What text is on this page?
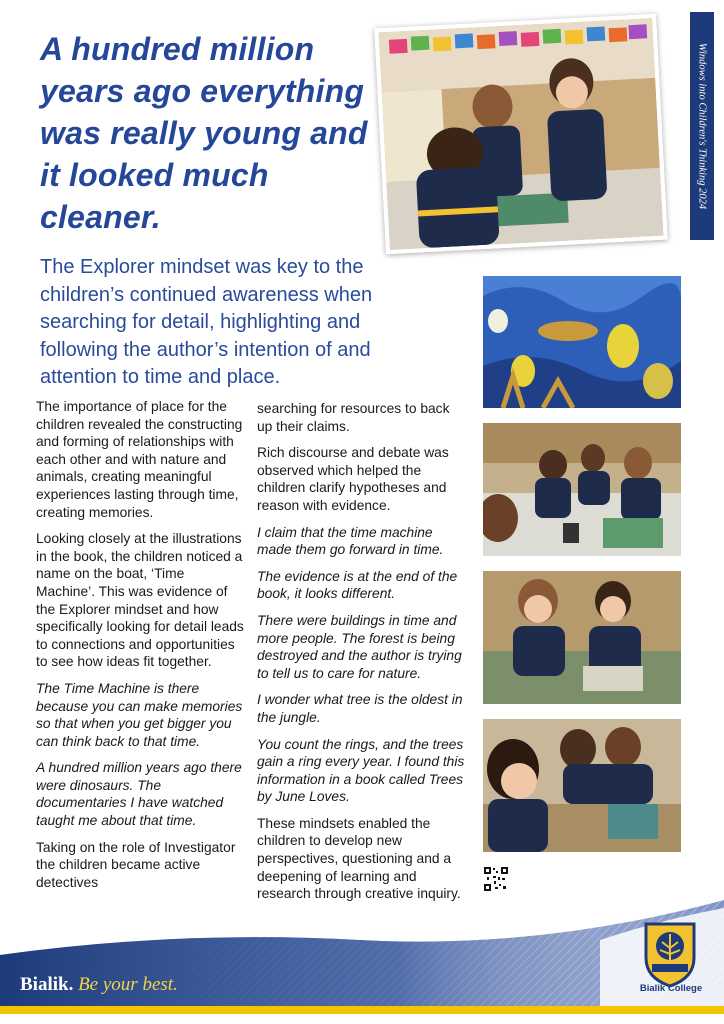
Windows into Children's Thinking 2024
A hundred million years ago everything was really young and it looked much cleaner.

The Explorer mindset was key to the children’s continued awareness when searching for detail, highlighting and following the author’s intention of and attention to time and place.

The importance of place for the children revealed the constructing and forming of relationships with each other and with nature and animals, creating meaningful experiences lasting through time, creating memories.

Looking closely at the illustrations in the book, the children noticed a name on the boat, ‘Time Machine’. This was evidence of the Explorer mindset and how specifically looking for detail leads to connections and opportunities to see how ideas fit together.

The Time Machine is there because you can make memories so that when you get bigger you can think back to that time.

A hundred million years ago there were dinosaurs. The documentaries I have watched taught me about that time.

Taking on the role of Investigator the children became active detectives

searching for resources to back up their claims.

Rich discourse and debate was observed which helped the children clarify hypotheses and reason with evidence.

I claim that the time machine made them go forward in time.

The evidence is at the end of the book, it looks different.

There were buildings in time and more people. The forest is being destroyed and the author is trying to tell us to care for nature.

I wonder what tree is the oldest in the jungle.

You count the rings, and the trees gain a ring every year. I found this information in a book called Trees by June Loves.

These mindsets enabled the children to develop new perspectives, questioning and a deepening of learning and research through creative inquiry.

Bialik. Be your best.	Bialik College
